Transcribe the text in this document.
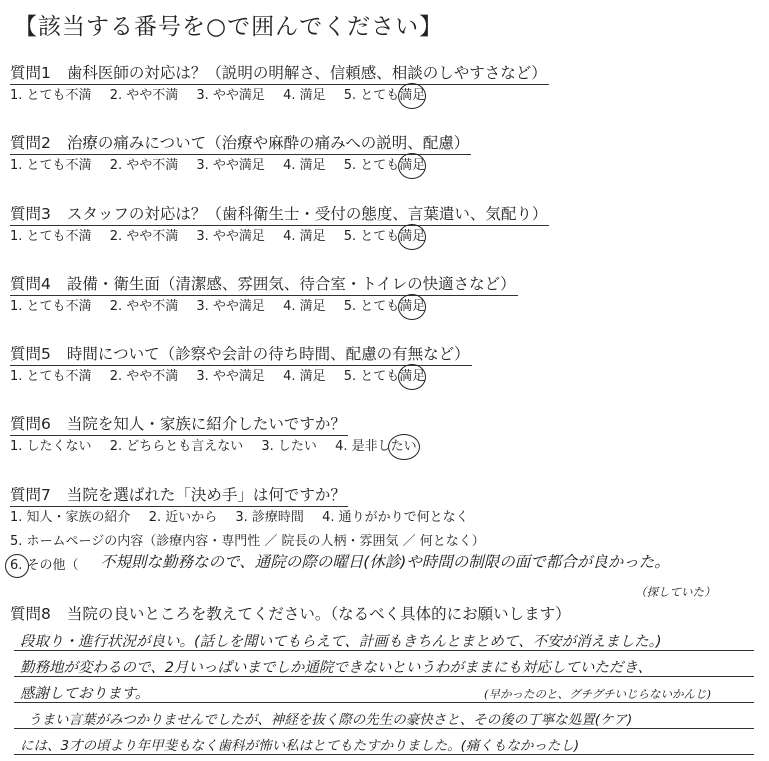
【該当する番号を○で囲んでください】
質問1 歯科医師の対応は？（説明の明解さ、信頼感、相談のしやすさなど）
1. とても不満 2. やや不満 3. やや満足 4. 満足 5. とても満足
質問2 治療の痛みについて（治療や麻酔の痛みへの説明、配慮）
1. とても不満 2. やや不満 3. やや満足 4. 満足 5. とても満足
質問3 スタッフの対応は？（歯科衛生士・受付の態度、言葉遣い、気配り）
1. とても不満 2. やや不満 3. やや満足 4. 満足 5. とても満足
質問4 設備・衛生面（清潔感、雰囲気、待合室・トイレの快適さなど）
1. とても不満 2. やや不満 3. やや満足 4. 満足 5. とても満足
質問5 時間について（診察や会計の待ち時間、配慮の有無など）
1. とても不満 2. やや不満 3. やや満足 4. 満足 5. とても満足
質問6 当院を知人・家族に紹介したいですか？
1. したくない 2. どちらとも言えない 3. したい 4. 是非したい
質問7 当院を選ばれた「決め手」は何ですか？
1. 知人・家族の紹介 2. 近いから 3. 診療時間 4. 通りがかりで何となく
5. ホームページの内容（診療内容・専門性 ／ 院長の人柄・雰囲気 ／ 何となく）
6. その他（ 不規則な勤務なので、通院の際の曜日(休診)や時間の制限の面で都合が良かった。
（探していた）
質問8 当院の良いところを教えてください。（なるべく具体的にお願いします）
段取り・進行状況が良い。(話しを聞いてもらえて、計画もきちんとまとめて、不安が消えました。)
勤務地が変わるので、2月いっぱいまでしか通院できないというわがままにも対応していただき、
感謝しております。	(早かったのと、グチグチいじらないかんじ)
うまい言葉がみつかりませんでしたが、神経を抜く際の先生の豪快さと、その後の丁寧な処置(ケア)
には、3才の頃より年甲斐もなく歯科が怖い私はとてもたすかりました。(痛くもなかったし)
